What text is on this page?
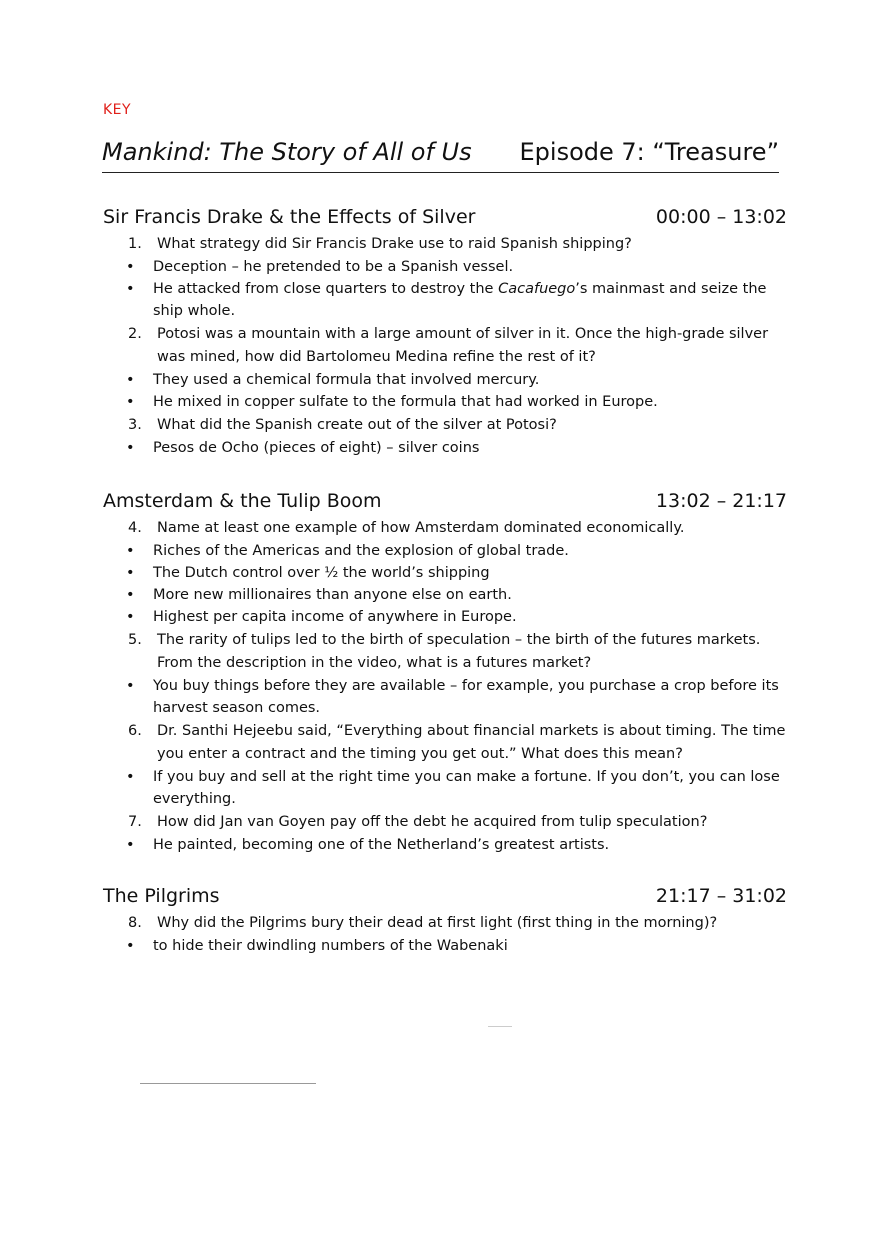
KEY
Mankind: The Story of All of Us Episode 7: “Treasure”
Sir Francis Drake & the Effects of Silver	00:00 – 13:02
1. What strategy did Sir Francis Drake use to raid Spanish shipping?
• Deception – he pretended to be a Spanish vessel.
• He attacked from close quarters to destroy the Cacafuego’s mainmast and seize the ship whole.
2. Potosi was a mountain with a large amount of silver in it. Once the high-grade silver was mined, how did Bartolomeu Medina refine the rest of it?
• They used a chemical formula that involved mercury.
• He mixed in copper sulfate to the formula that had worked in Europe.
3. What did the Spanish create out of the silver at Potosi?
• Pesos de Ocho (pieces of eight) – silver coins
Amsterdam & the Tulip Boom	13:02 – 21:17
4. Name at least one example of how Amsterdam dominated economically.
• Riches of the Americas and the explosion of global trade.
• The Dutch control over ½ the world’s shipping
• More new millionaires than anyone else on earth.
• Highest per capita income of anywhere in Europe.
5. The rarity of tulips led to the birth of speculation – the birth of the futures markets. From the description in the video, what is a futures market?
• You buy things before they are available – for example, you purchase a crop before its harvest season comes.
6. Dr. Santhi Hejeebu said, “Everything about financial markets is about timing. The time you enter a contract and the timing you get out.” What does this mean?
• If you buy and sell at the right time you can make a fortune. If you don’t, you can lose everything.
7. How did Jan van Goyen pay off the debt he acquired from tulip speculation?
• He painted, becoming one of the Netherland’s greatest artists.
The Pilgrims	21:17 – 31:02
8. Why did the Pilgrims bury their dead at first light (first thing in the morning)?
• to hide their dwindling numbers of the Wabenaki
